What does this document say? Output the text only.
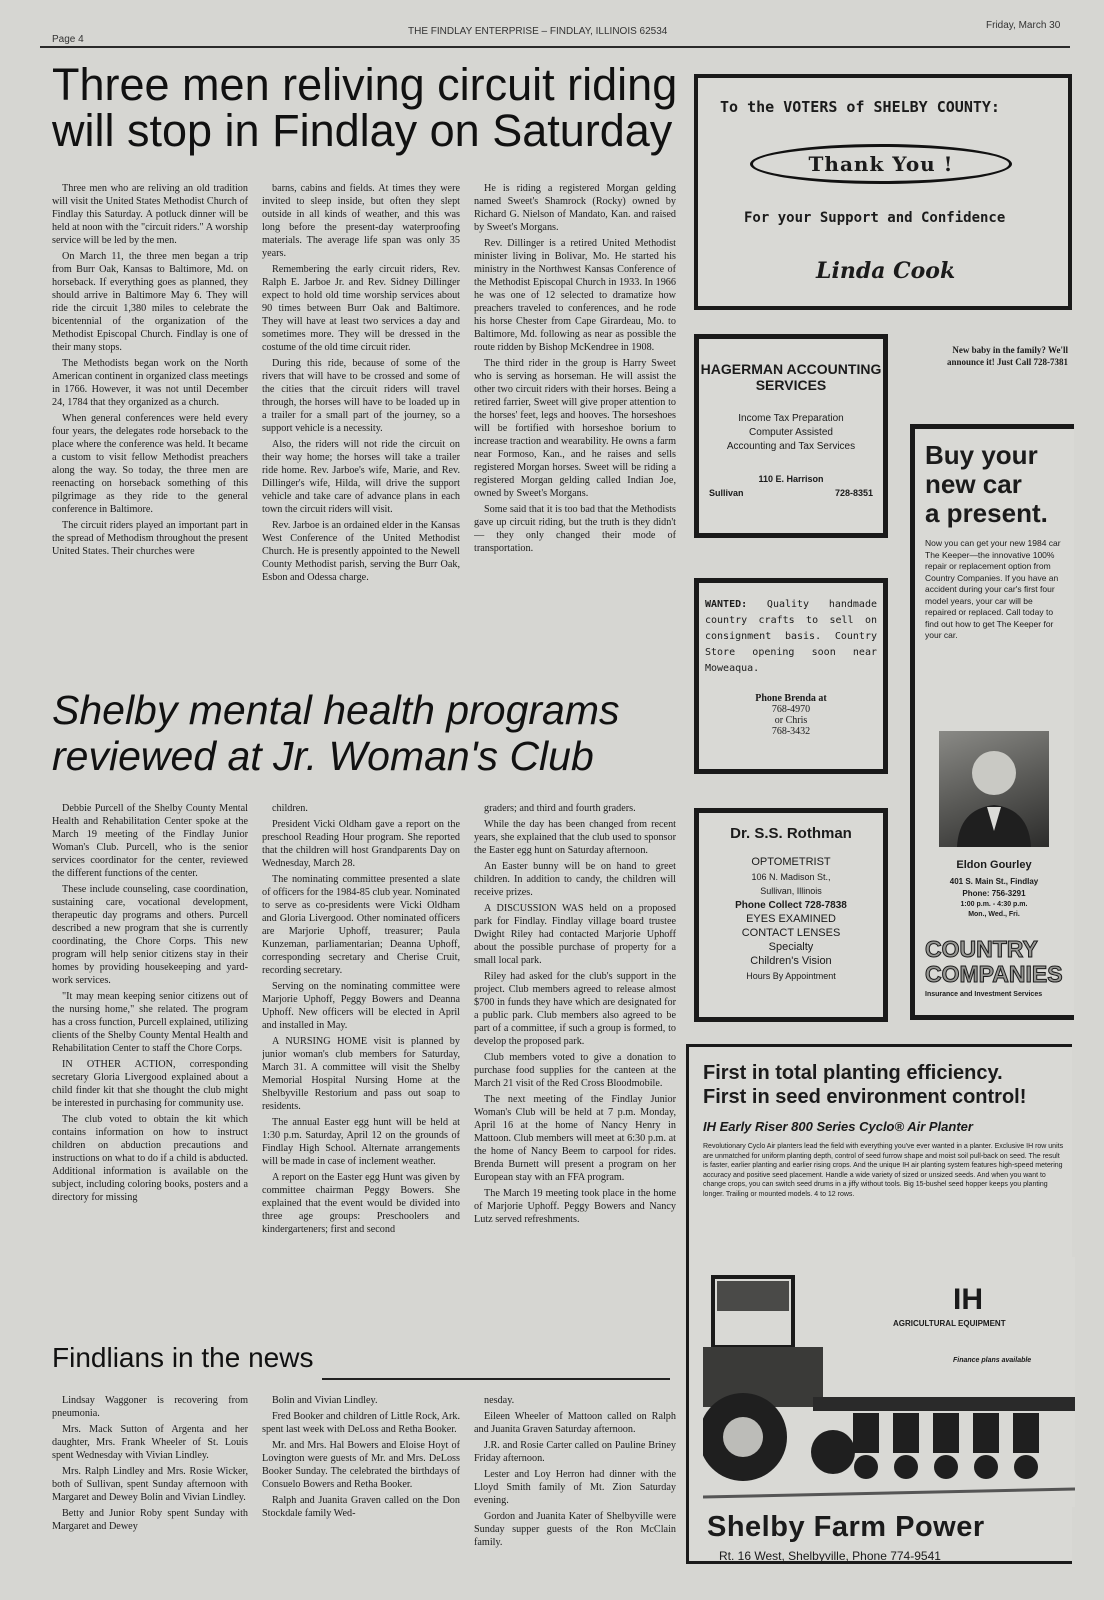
Page 4
THE FINDLAY ENTERPRISE – FINDLAY, ILLINOIS 62534
Friday, March 30
Three men reliving circuit riding
will stop in Findlay on Saturday

Three men who are reliving an old tradition will visit the United States Methodist Church of Findlay this Saturday. A potluck dinner will be held at noon with the "circuit riders." A worship service will be led by the men.

On March 11, the three men began a trip from Burr Oak, Kansas to Baltimore, Md. on horseback. If everything goes as planned, they should arrive in Baltimore May 6. They will ride the circuit 1,380 miles to celebrate the bicentennial of the organization of the Methodist Episcopal Church. Findlay is one of their many stops.

The Methodists began work on the North American continent in organized class meetings in 1766. However, it was not until December 24, 1784 that they organized as a church.

When general conferences were held every four years, the delegates rode horseback to the place where the conference was held. It became a custom to visit fellow Methodist preachers along the way. So today, the three men are reenacting on horseback something of this pilgrimage as they ride to the general conference in Baltimore.

The circuit riders played an important part in the spread of Methodism throughout the present United States. Their churches were

barns, cabins and fields. At times they were invited to sleep inside, but often they slept outside in all kinds of weather, and this was long before the present-day waterproofing materials. The average life span was only 35 years.

Remembering the early circuit riders, Rev. Ralph E. Jarboe Jr. and Rev. Sidney Dillinger expect to hold old time worship services about 90 times between Burr Oak and Baltimore. They will have at least two services a day and sometimes more. They will be dressed in the costume of the old time circuit rider.

During this ride, because of some of the rivers that will have to be crossed and some of the cities that the circuit riders will travel through, the horses will have to be loaded up in a trailer for a small part of the journey, so a support vehicle is a necessity.

Also, the riders will not ride the circuit on their way home; the horses will take a trailer ride home. Rev. Jarboe's wife, Marie, and Rev. Dillinger's wife, Hilda, will drive the support vehicle and take care of advance plans in each town the circuit riders will visit.

Rev. Jarboe is an ordained elder in the Kansas West Conference of the United Methodist Church. He is presently appointed to the Newell County Methodist parish, serving the Burr Oak, Esbon and Odessa charge.

He is riding a registered Morgan gelding named Sweet's Shamrock (Rocky) owned by Richard G. Nielson of Mandato, Kan. and raised by Sweet's Morgans.

Rev. Dillinger is a retired United Methodist minister living in Bolivar, Mo. He started his ministry in the Northwest Kansas Conference of the Methodist Episcopal Church in 1933. In 1966 he was one of 12 selected to dramatize how preachers traveled to conferences, and he rode his horse Chester from Cape Girardeau, Mo. to Baltimore, Md. following as near as possible the route ridden by Bishop McKendree in 1908.

The third rider in the group is Harry Sweet who is serving as horseman. He will assist the other two circuit riders with their horses. Being a retired farrier, Sweet will give proper attention to the horses' feet, legs and hooves. The horseshoes will be fortified with horseshoe borium to increase traction and wearability. He owns a farm near Formoso, Kan., and he raises and sells registered Morgan horses. Sweet will be riding a registered Morgan gelding called Indian Joe, owned by Sweet's Morgans.

Some said that it is too bad that the Methodists gave up circuit riding, but the truth is they didn't — they only changed their mode of transportation.

Shelby mental health programs
reviewed at Jr. Woman's Club

Debbie Purcell of the Shelby County Mental Health and Rehabilitation Center spoke at the March 19 meeting of the Findlay Junior Woman's Club. Purcell, who is the senior services coordinator for the center, reviewed the different functions of the center.

These include counseling, case coordination, sustaining care, vocational development, therapeutic day programs and others. Purcell described a new program that she is currently coordinating, the Chore Corps. This new program will help senior citizens stay in their homes by providing housekeeping and yard-work services.

"It may mean keeping senior citizens out of the nursing home," she related. The program has a cross function, Purcell explained, utilizing clients of the Shelby County Mental Health and Rehabilitation Center to staff the Chore Corps.

IN OTHER ACTION, corresponding secretary Gloria Livergood explained about a child finder kit that she thought the club might be interested in purchasing for community use.

The club voted to obtain the kit which contains information on how to instruct children on abduction precautions and instructions on what to do if a child is abducted. Additional information is available on the subject, including coloring books, posters and a directory for missing

children.

President Vicki Oldham gave a report on the preschool Reading Hour program. She reported that the children will host Grandparents Day on Wednesday, March 28.

The nominating committee presented a slate of officers for the 1984-85 club year. Nominated to serve as co-presidents were Vicki Oldham and Gloria Livergood. Other nominated officers are Marjorie Uphoff, treasurer; Paula Kunzeman, parliamentarian; Deanna Uphoff, corresponding secretary and Cherise Cruit, recording secretary.

Serving on the nominating committee were Marjorie Uphoff, Peggy Bowers and Deanna Uphoff. New officers will be elected in April and installed in May.

A NURSING HOME visit is planned by junior woman's club members for Saturday, March 31. A committee will visit the Shelby Memorial Hospital Nursing Home at the Shelbyville Restorium and pass out soap to residents.

The annual Easter egg hunt will be held at 1:30 p.m. Saturday, April 12 on the grounds of Findlay High School. Alternate arrangements will be made in case of inclement weather.

A report on the Easter egg Hunt was given by committee chairman Peggy Bowers. She explained that the event would be divided into three age groups: Preschoolers and kindergarteners; first and second

graders; and third and fourth graders.

While the day has been changed from recent years, she explained that the club used to sponsor the Easter egg hunt on Saturday afternoon.

An Easter bunny will be on hand to greet children. In addition to candy, the children will receive prizes.

A DISCUSSION WAS held on a proposed park for Findlay. Findlay village board trustee Dwight Riley had contacted Marjorie Uphoff about the possible purchase of property for a small local park.

Riley had asked for the club's support in the project. Club members agreed to release almost $700 in funds they have which are designated for a public park. Club members also agreed to be part of a committee, if such a group is formed, to develop the proposed park.

Club members voted to give a donation to purchase food supplies for the canteen at the March 21 visit of the Red Cross Bloodmobile.

The next meeting of the Findlay Junior Woman's Club will be held at 7 p.m. Monday, April 16 at the home of Nancy Henry in Mattoon. Club members will meet at 6:30 p.m. at the home of Nancy Beem to carpool for rides. Brenda Burnett will present a program on her European stay with an FFA program.

The March 19 meeting took place in the home of Marjorie Uphoff. Peggy Bowers and Nancy Lutz served refreshments.

Findlians in the news

Lindsay Waggoner is recovering from pneumonia.

Mrs. Mack Sutton of Argenta and her daughter, Mrs. Frank Wheeler of St. Louis spent Wednesday with Vivian Lindley.

Mrs. Ralph Lindley and Mrs. Rosie Wicker, both of Sullivan, spent Sunday afternoon with Margaret and Dewey Bolin and Vivian Lindley.

Betty and Junior Roby spent Sunday with Margaret and Dewey

Bolin and Vivian Lindley.

Fred Booker and children of Little Rock, Ark. spent last week with DeLoss and Retha Booker.

Mr. and Mrs. Hal Bowers and Eloise Hoyt of Lovington were guests of Mr. and Mrs. DeLoss Booker Sunday. The celebrated the birthdays of Consuelo Bowers and Retha Booker.

Ralph and Juanita Graven called on the Don Stockdale family Wed-

nesday.

Eileen Wheeler of Mattoon called on Ralph and Juanita Graven Saturday afternoon.

J.R. and Rosie Carter called on Pauline Briney Friday afternoon.

Lester and Loy Herron had dinner with the Lloyd Smith family of Mt. Zion Saturday evening.

Gordon and Juanita Kater of Shelbyville were Sunday supper guests of the Ron McClain family.

To the VOTERS of SHELBY COUNTY:
Thank You !
For your Support and Confidence
Linda Cook
HAGERMAN ACCOUNTING
SERVICES
Income Tax Preparation
Computer Assisted
Accounting and Tax Services
110 E. Harrison
Sullivan	728-8351
New baby in the family? We'll announce it! Just Call 728-7381
WANTED: Quality handmade country crafts to sell on consignment basis. Country Store opening soon near Moweaqua.
Phone Brenda at
768-4970
or Chris
768-3432
Dr. S.S. Rothman
OPTOMETRIST
106 N. Madison St.,
Sullivan, Illinois
Phone Collect 728-7838
EYES EXAMINED
CONTACT LENSES
Specialty
Children's Vision
Hours By Appointment
Buy your
new car
a present.
Now you can get your new 1984 car The Keeper—the innovative 100% repair or replacement option from Country Companies. If you have an accident during your car's first four model years, your car will be repaired or replaced. Call today to find out how to get The Keeper for your car.
Eldon Gourley
401 S. Main St., Findlay
Phone: 756-3291
1:00 p.m. - 4:30 p.m.
Mon., Wed., Fri.
COUNTRY
COMPANIES
Insurance and Investment Services
First in total planting efficiency.
First in seed environment control!
IH Early Riser 800 Series Cyclo® Air Planter
Revolutionary Cyclo Air planters lead the field with everything you've ever wanted in a planter. Exclusive IH row units are unmatched for uniform planting depth, control of seed furrow shape and moist soil pull-back on seed. The result is faster, earlier planting and earlier rising crops. And the unique IH air planting system features high-speed metering accuracy and positive seed placement. Handle a wide variety of sized or unsized seeds. And when you want to change crops, you can switch seed drums in a jiffy without tools. Big 15-bushel seed hopper keeps you planting longer. Trailing or mounted models. 4 to 12 rows.
IH
AGRICULTURAL EQUIPMENT
Finance plans available
Shelby Farm Power
Rt. 16 West, Shelbyville, Phone 774-9541
